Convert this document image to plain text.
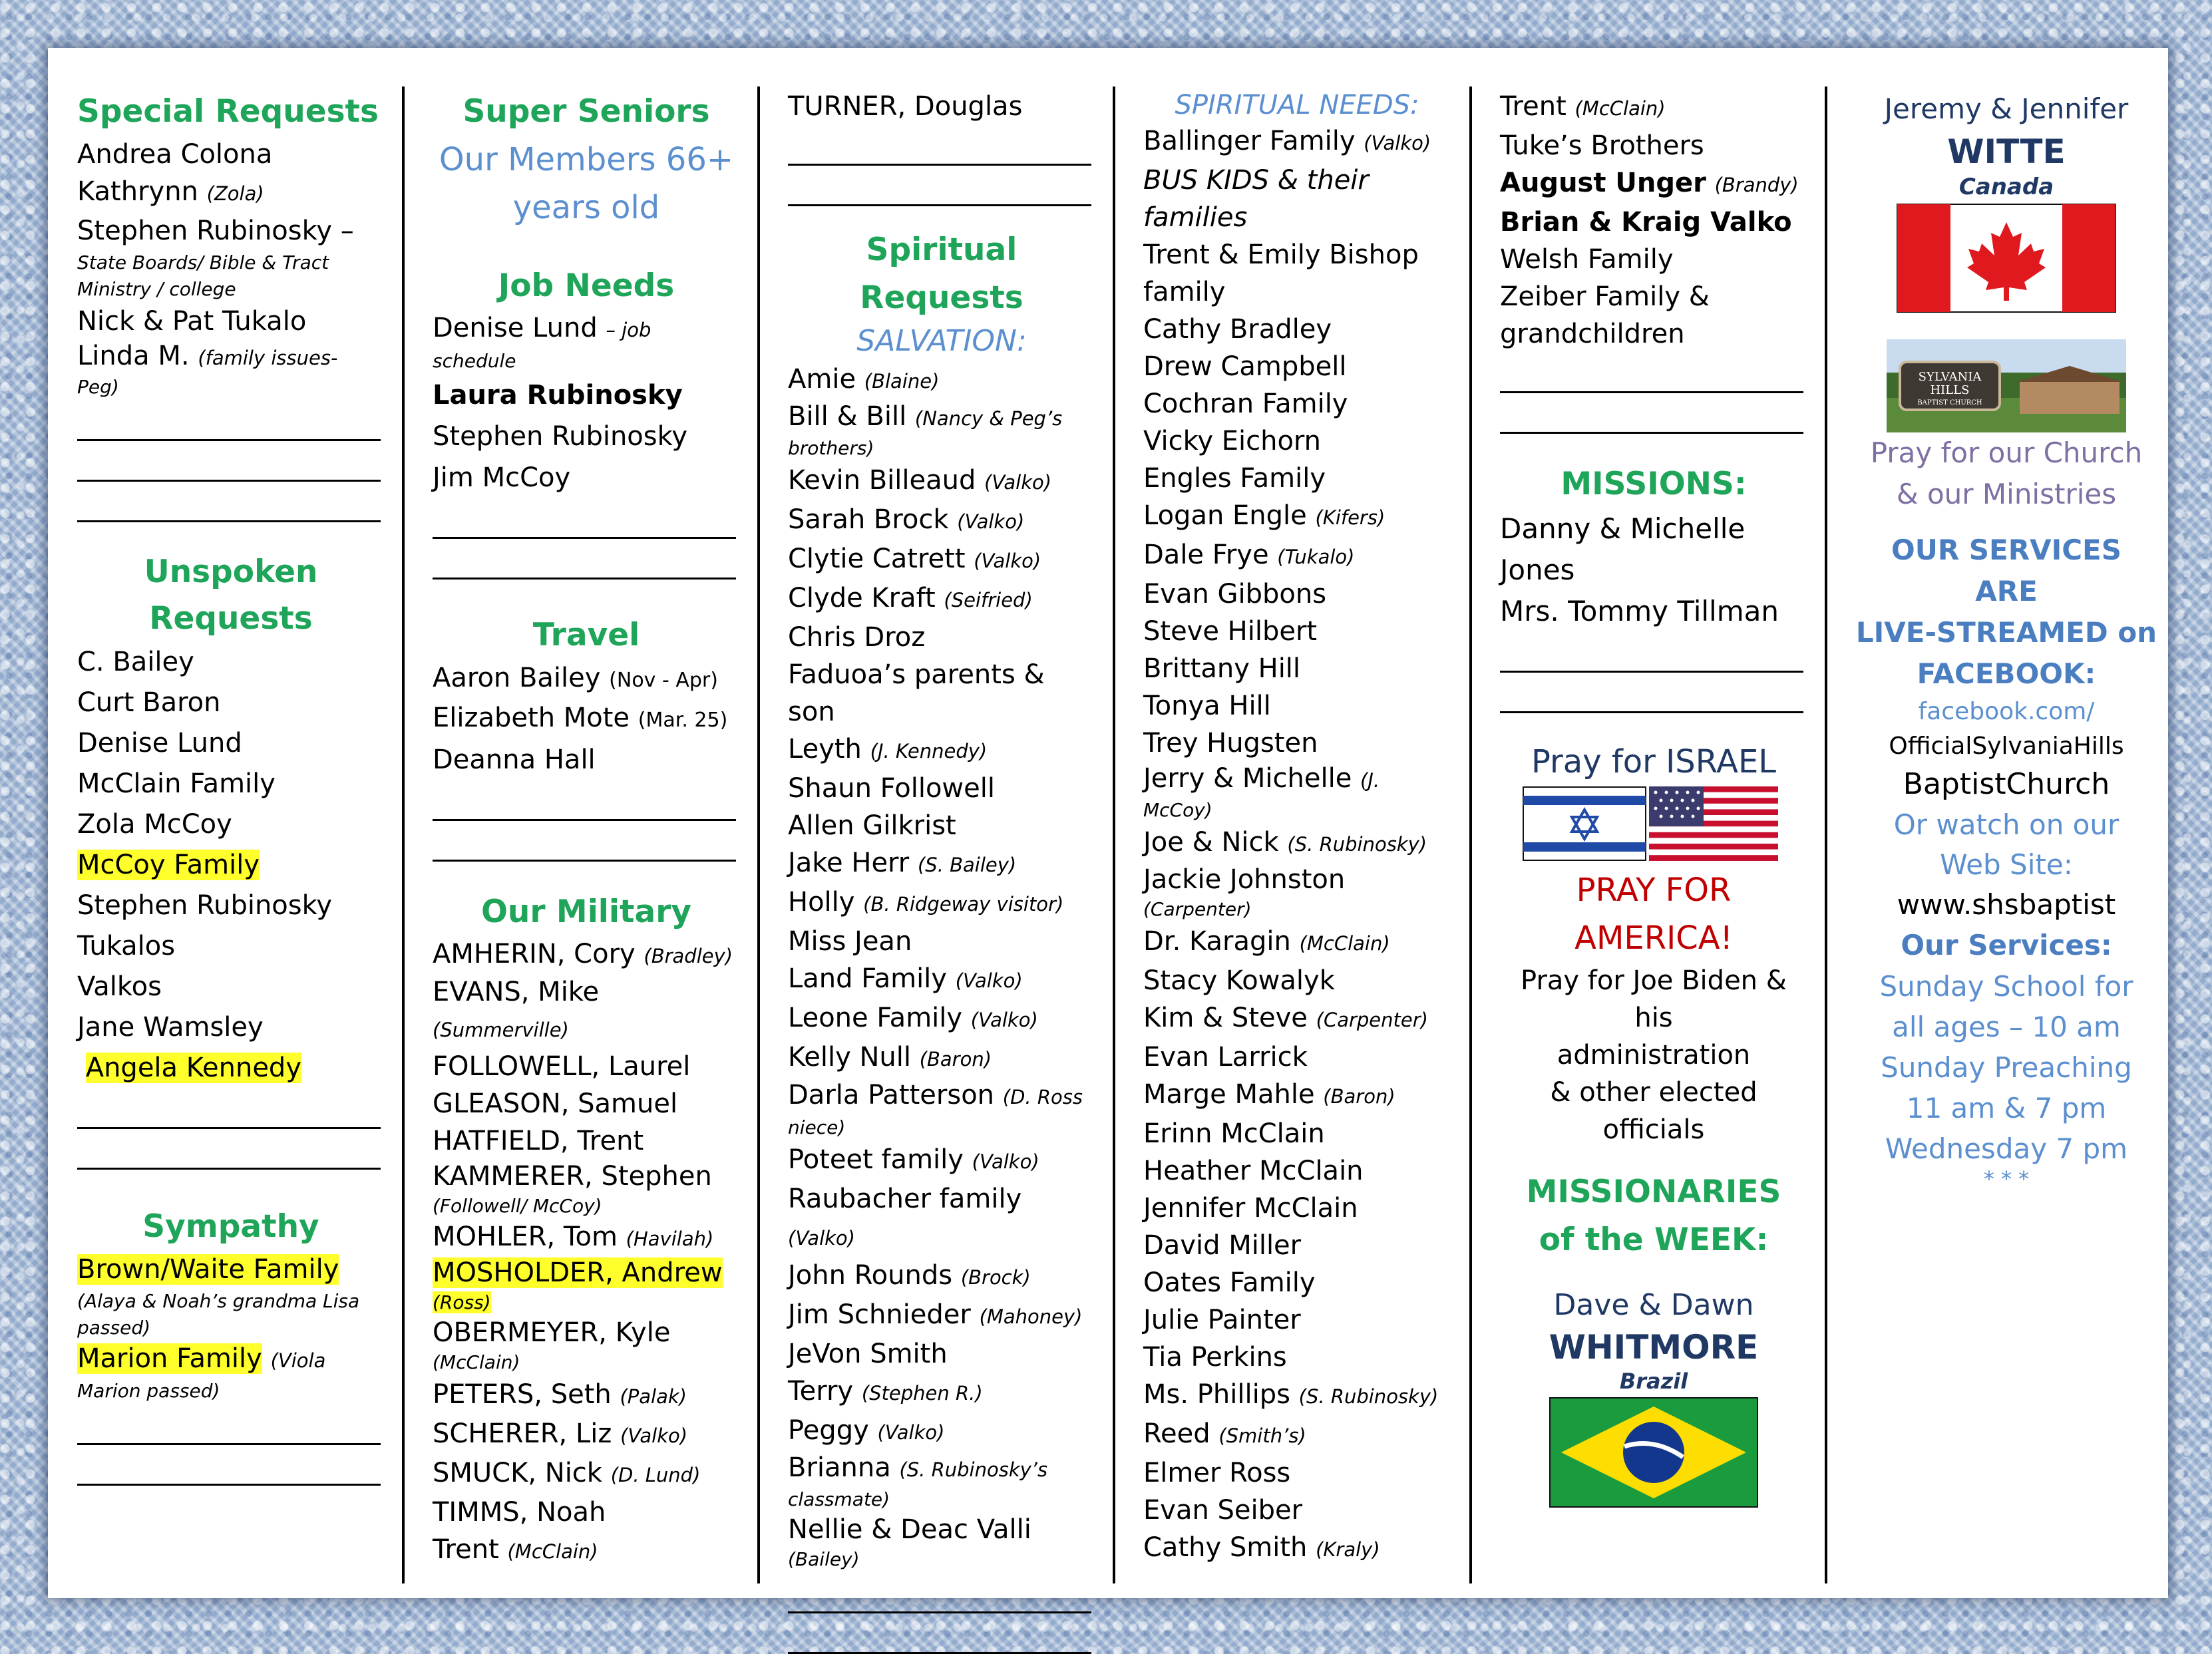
Special Requests
Andrea Colona
Kathrynn (Zola)
Stephen Rubinosky –
State Boards/ Bible & Tract Ministry / college
Nick & Pat Tukalo
Linda M. (family issues-
Peg)
Unspoken
Requests
C. Bailey
Curt Baron
Denise Lund
McClain Family
Zola McCoy
McCoy Family
Stephen Rubinosky
Tukalos
Valkos
Jane Wamsley
Angela Kennedy
Sympathy
Brown/Waite Family
(Alaya & Noah’s grandma Lisa passed)
Marion Family (Viola
Marion passed)
Super Seniors
Our Members 66+
years old
Job Needs
Denise Lund – job
schedule
Laura Rubinosky
Stephen Rubinosky
Jim McCoy
Travel
Aaron Bailey (Nov - Apr)
Elizabeth Mote (Mar. 25)
Deanna Hall
Our Military
AMHERIN, Cory (Bradley)
EVANS, Mike (Summerville)
FOLLOWELL, Laurel
GLEASON, Samuel
HATFIELD, Trent
KAMMERER, Stephen
(Followell/ McCoy)
MOHLER, Tom (Havilah)
MOSHOLDER, Andrew
(Ross)
OBERMEYER, Kyle
(McClain)
PETERS, Seth (Palak)
SCHERER, Liz (Valko)
SMUCK, Nick (D. Lund)
TIMMS, Noah
Trent (McClain)
TURNER, Douglas
Spiritual Requests
SALVATION:
Amie (Blaine)
Bill & Bill (Nancy & Peg’s
brothers)
Kevin Billeaud (Valko)
Sarah Brock (Valko)
Clytie Catrett (Valko)
Clyde Kraft (Seifried)
Chris Droz
Faduoa’s parents & son
Leyth (J. Kennedy)
Shaun Followell
Allen Gilkrist
Jake Herr (S. Bailey)
Holly (B. Ridgeway visitor)
Miss Jean
Land Family (Valko)
Leone Family (Valko)
Kelly Null (Baron)
Darla Patterson (D. Ross
niece)
Poteet family (Valko)
Raubacher family (Valko)
John Rounds (Brock)
Jim Schnieder (Mahoney)
JeVon Smith
Terry (Stephen R.)
Peggy (Valko)
Brianna (S. Rubinosky’s
classmate)
Nellie & Deac Valli
(Bailey)
SPIRITUAL NEEDS:
Ballinger Family (Valko)
BUS KIDS & their
families
Trent & Emily Bishop
family
Cathy Bradley
Drew Campbell
Cochran Family
Vicky Eichorn
Engles Family
Logan Engle (Kifers)
Dale Frye (Tukalo)
Evan Gibbons
Steve Hilbert
Brittany Hill
Tonya Hill
Trey Hugsten
Jerry & Michelle (J.
McCoy)
Joe & Nick (S. Rubinosky)
Jackie Johnston
(Carpenter)
Dr. Karagin (McClain)
Stacy Kowalyk
Kim & Steve (Carpenter)
Evan Larrick
Marge Mahle (Baron)
Erinn McClain
Heather McClain
Jennifer McClain
David Miller
Oates Family
Julie Painter
Tia Perkins
Ms. Phillips (S. Rubinosky)
Reed (Smith’s)
Elmer Ross
Evan Seiber
Cathy Smith (Kraly)
Trent (McClain)
Tuke’s Brothers
August Unger (Brandy)
Brian & Kraig Valko
Welsh Family
Zeiber Family &
grandchildren
MISSIONS:
Danny & Michelle
Jones
Mrs. Tommy Tillman
Pray for ISRAEL
PRAY FOR
AMERICA!
Pray for Joe Biden & his
administration
& other elected
officials
MISSIONARIES
of the WEEK:
Dave & Dawn
WHITMORE
Brazil
Jeremy & Jennifer
WITTE
Canada
SYLVANIA
HILLS
BAPTIST CHURCH
Pray for our Church & our Ministries
OUR SERVICES ARE
LIVE-STREAMED on
FACEBOOK:
facebook.com/
OfficialSylvaniaHills
BaptistChurch
Or watch on our
Web Site:
www.shsbaptist
Our Services:
Sunday School for
all ages – 10 am
Sunday Preaching
11 am & 7 pm
Wednesday 7 pm
* * *
